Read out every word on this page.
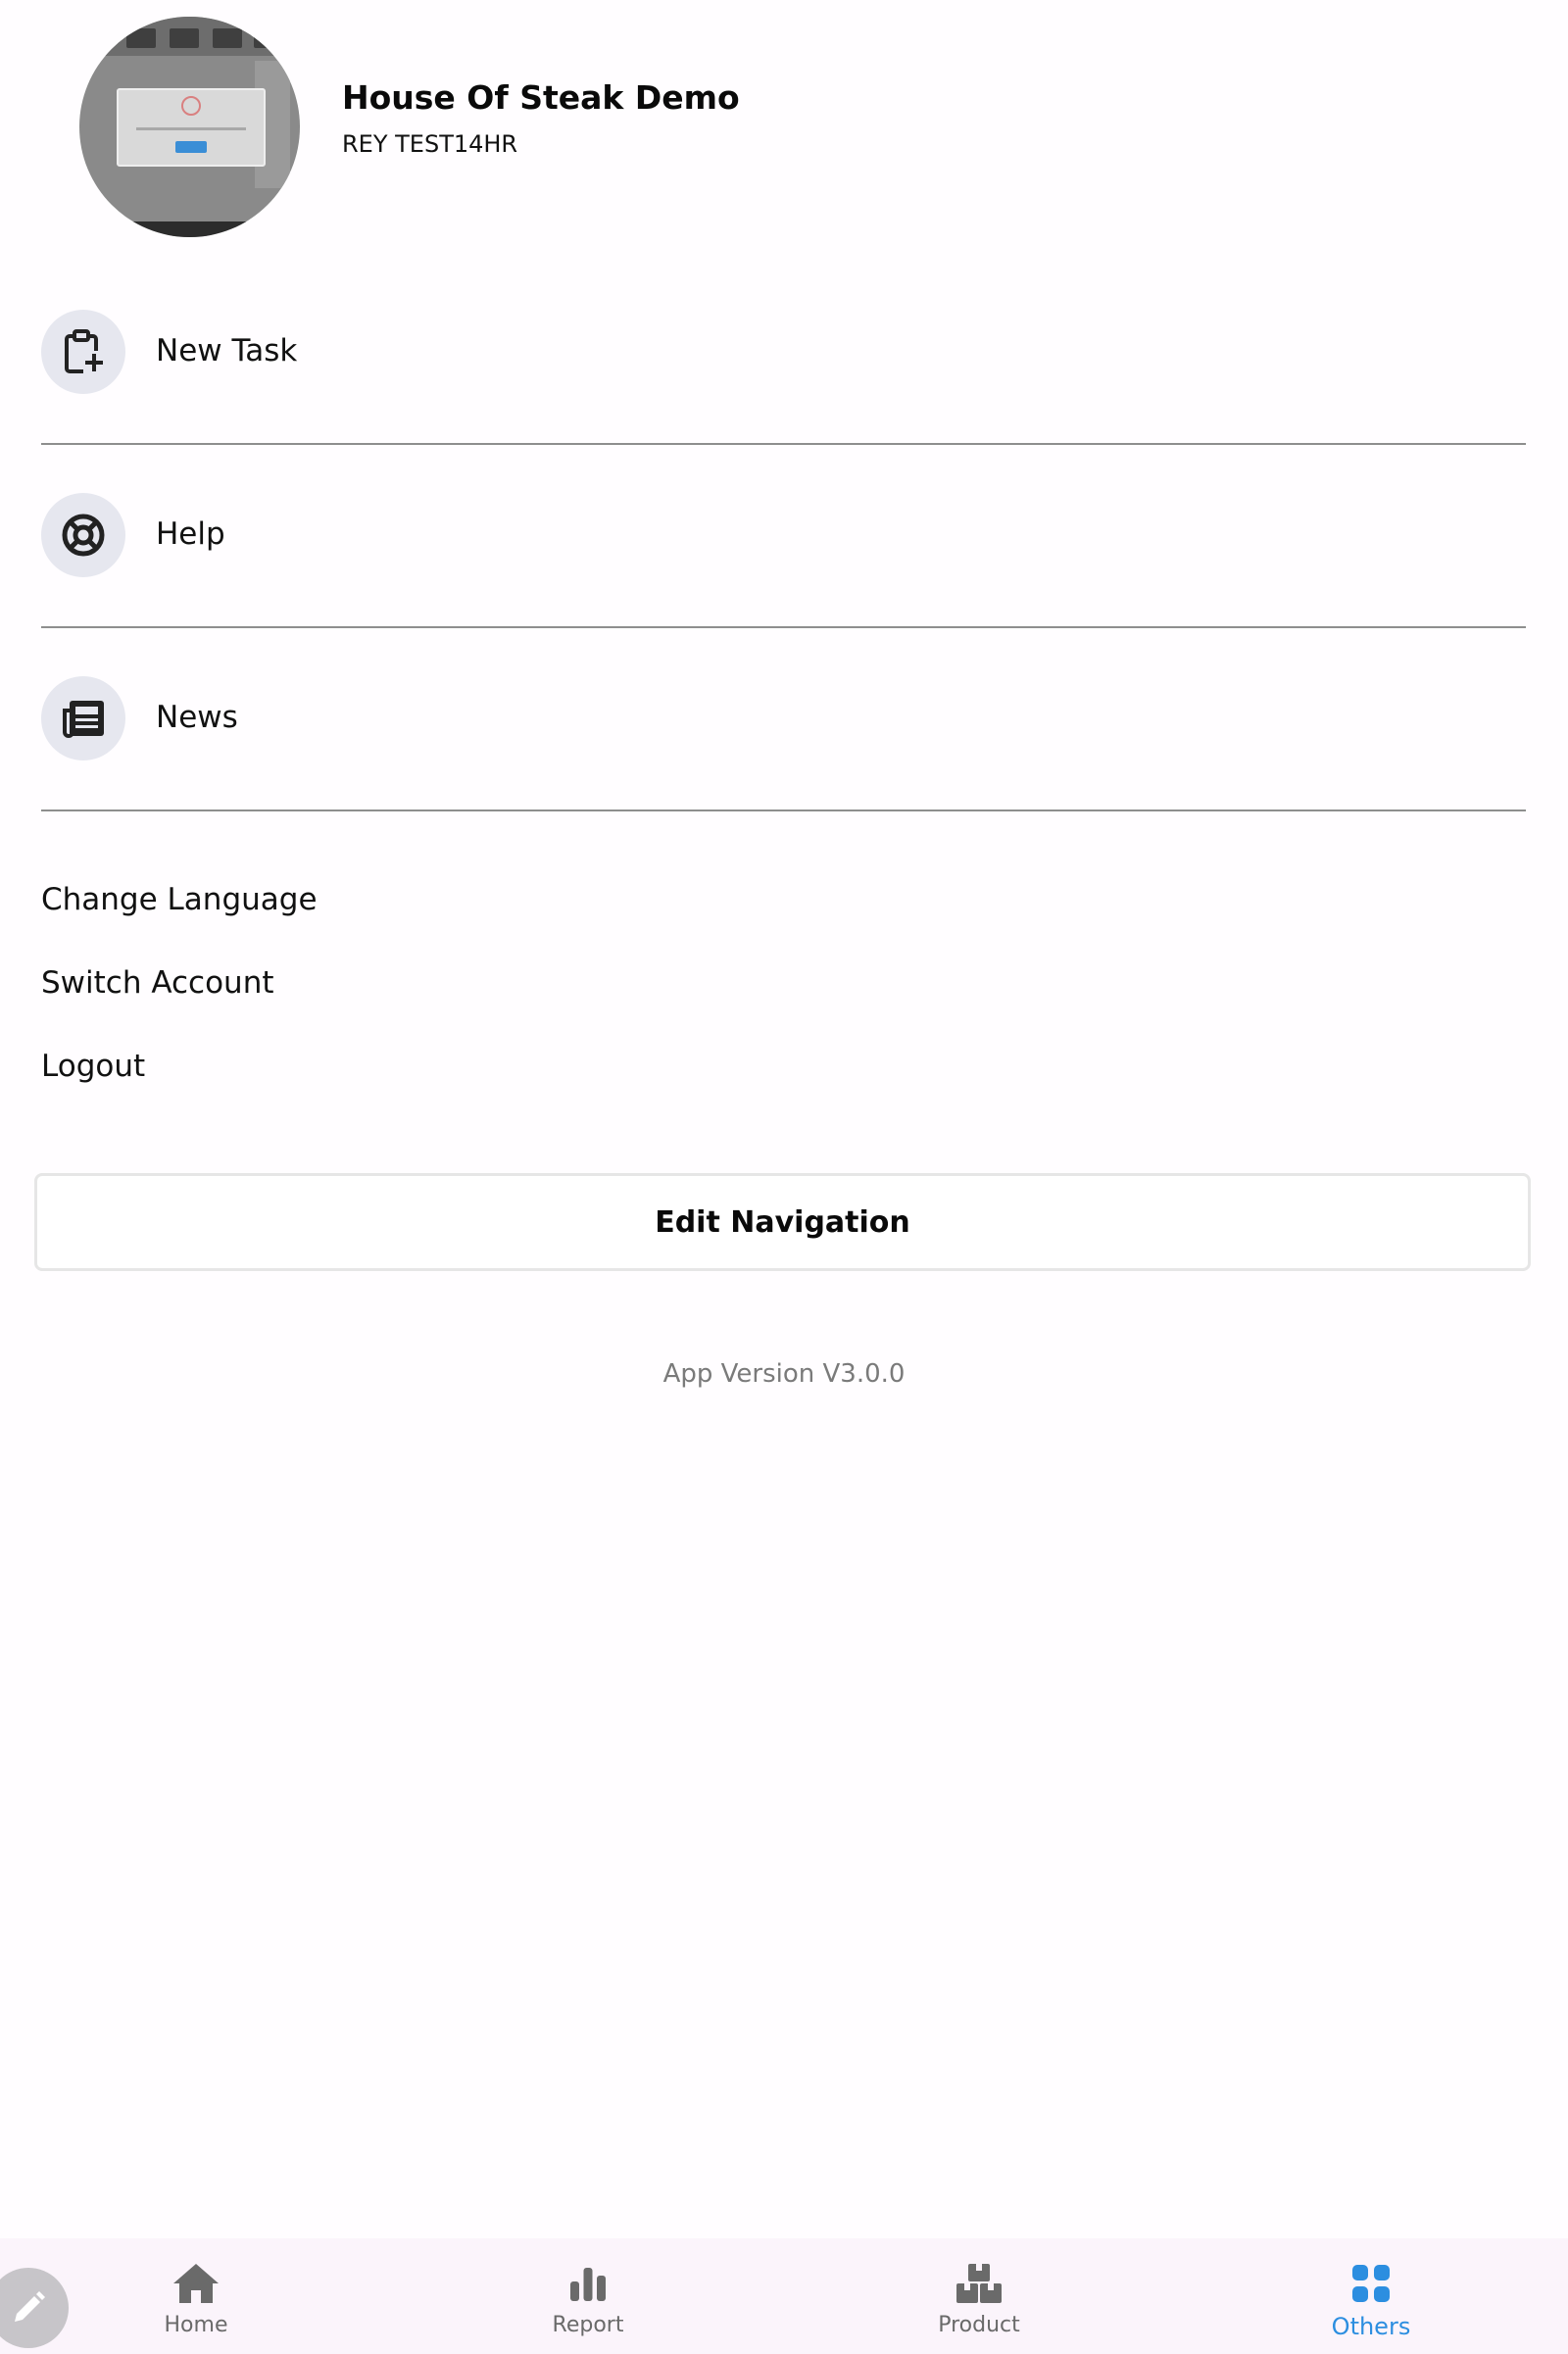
House Of Steak Demo
REY TEST14HR
New Task
Help
News
Change Language
Switch Account
Logout
Edit Navigation
App Version V3.0.0
Home	Report	Product	Others
